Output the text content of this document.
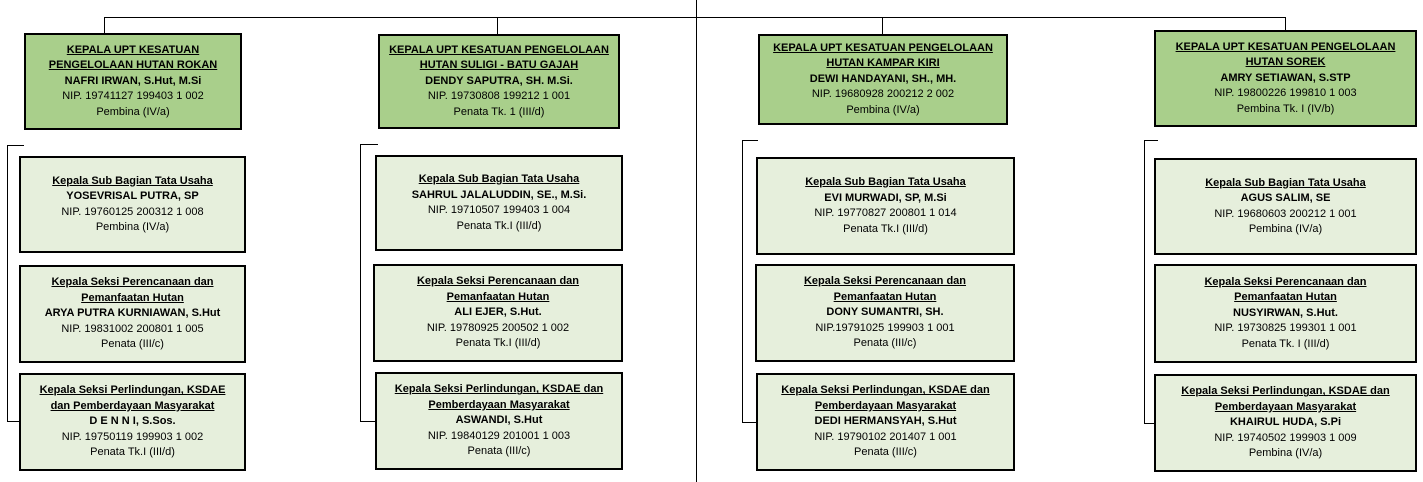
KEPALA UPT KESATUAN
PENGELOLAAN HUTAN ROKAN
NAFRI IRWAN, S.Hut, M.Si
NIP. 19741127 199403 1 002
Pembina (IV/a)
Kepala Sub Bagian Tata Usaha
YOSEVRISAL PUTRA, SP
NIP. 19760125 200312 1 008
Pembina (IV/a)
Kepala Seksi Perencanaan dan
Pemanfaatan Hutan
ARYA PUTRA KURNIAWAN, S.Hut
NIP. 19831002 200801 1 005
Penata (III/c)
Kepala Seksi Perlindungan, KSDAE
dan Pemberdayaan Masyarakat
D E N N I, S.Sos.
NIP. 19750119 199903 1 002
Penata Tk.I (III/d)
KEPALA UPT KESATUAN PENGELOLAAN
HUTAN SULIGI - BATU GAJAH
DENDY SAPUTRA, SH. M.Si.
NIP. 19730808 199212 1 001
Penata Tk. 1 (III/d)
Kepala Sub Bagian Tata Usaha
SAHRUL JALALUDDIN, SE., M.Si.
NIP. 19710507 199403 1 004
Penata Tk.I (III/d)
Kepala Seksi Perencanaan dan
Pemanfaatan Hutan
ALI EJER, S.Hut.
NIP. 19780925 200502 1 002
Penata Tk.I (III/d)
Kepala Seksi Perlindungan, KSDAE dan
Pemberdayaan Masyarakat
ASWANDI, S.Hut
NIP. 19840129 201001 1 003
Penata (III/c)
KEPALA UPT KESATUAN PENGELOLAAN
HUTAN KAMPAR KIRI
DEWI HANDAYANI, SH., MH.
NIP. 19680928 200212 2 002
Pembina (IV/a)
Kepala Sub Bagian Tata Usaha
EVI MURWADI, SP, M.Si
NIP. 19770827 200801 1 014
Penata Tk.I (III/d)
Kepala Seksi Perencanaan dan
Pemanfaatan Hutan
DONY SUMANTRI, SH.
NIP.19791025 199903 1 001
Penata (III/c)
Kepala Seksi Perlindungan, KSDAE dan
Pemberdayaan Masyarakat
DEDI HERMANSYAH, S.Hut
NIP. 19790102 201407 1 001
Penata (III/c)
KEPALA UPT KESATUAN PENGELOLAAN
HUTAN SOREK
AMRY SETIAWAN, S.STP
NIP. 19800226 199810 1 003
Pembina Tk. I (IV/b)
Kepala Sub Bagian Tata Usaha
AGUS SALIM, SE
NIP. 19680603 200212 1 001
Pembina (IV/a)
Kepala Seksi Perencanaan dan
Pemanfaatan Hutan
NUSYIRWAN, S.Hut.
NIP. 19730825 199301 1 001
Penata Tk. I (III/d)
Kepala Seksi Perlindungan, KSDAE dan
Pemberdayaan Masyarakat
KHAIRUL HUDA, S.Pi
NIP. 19740502 199903 1 009
Pembina (IV/a)
